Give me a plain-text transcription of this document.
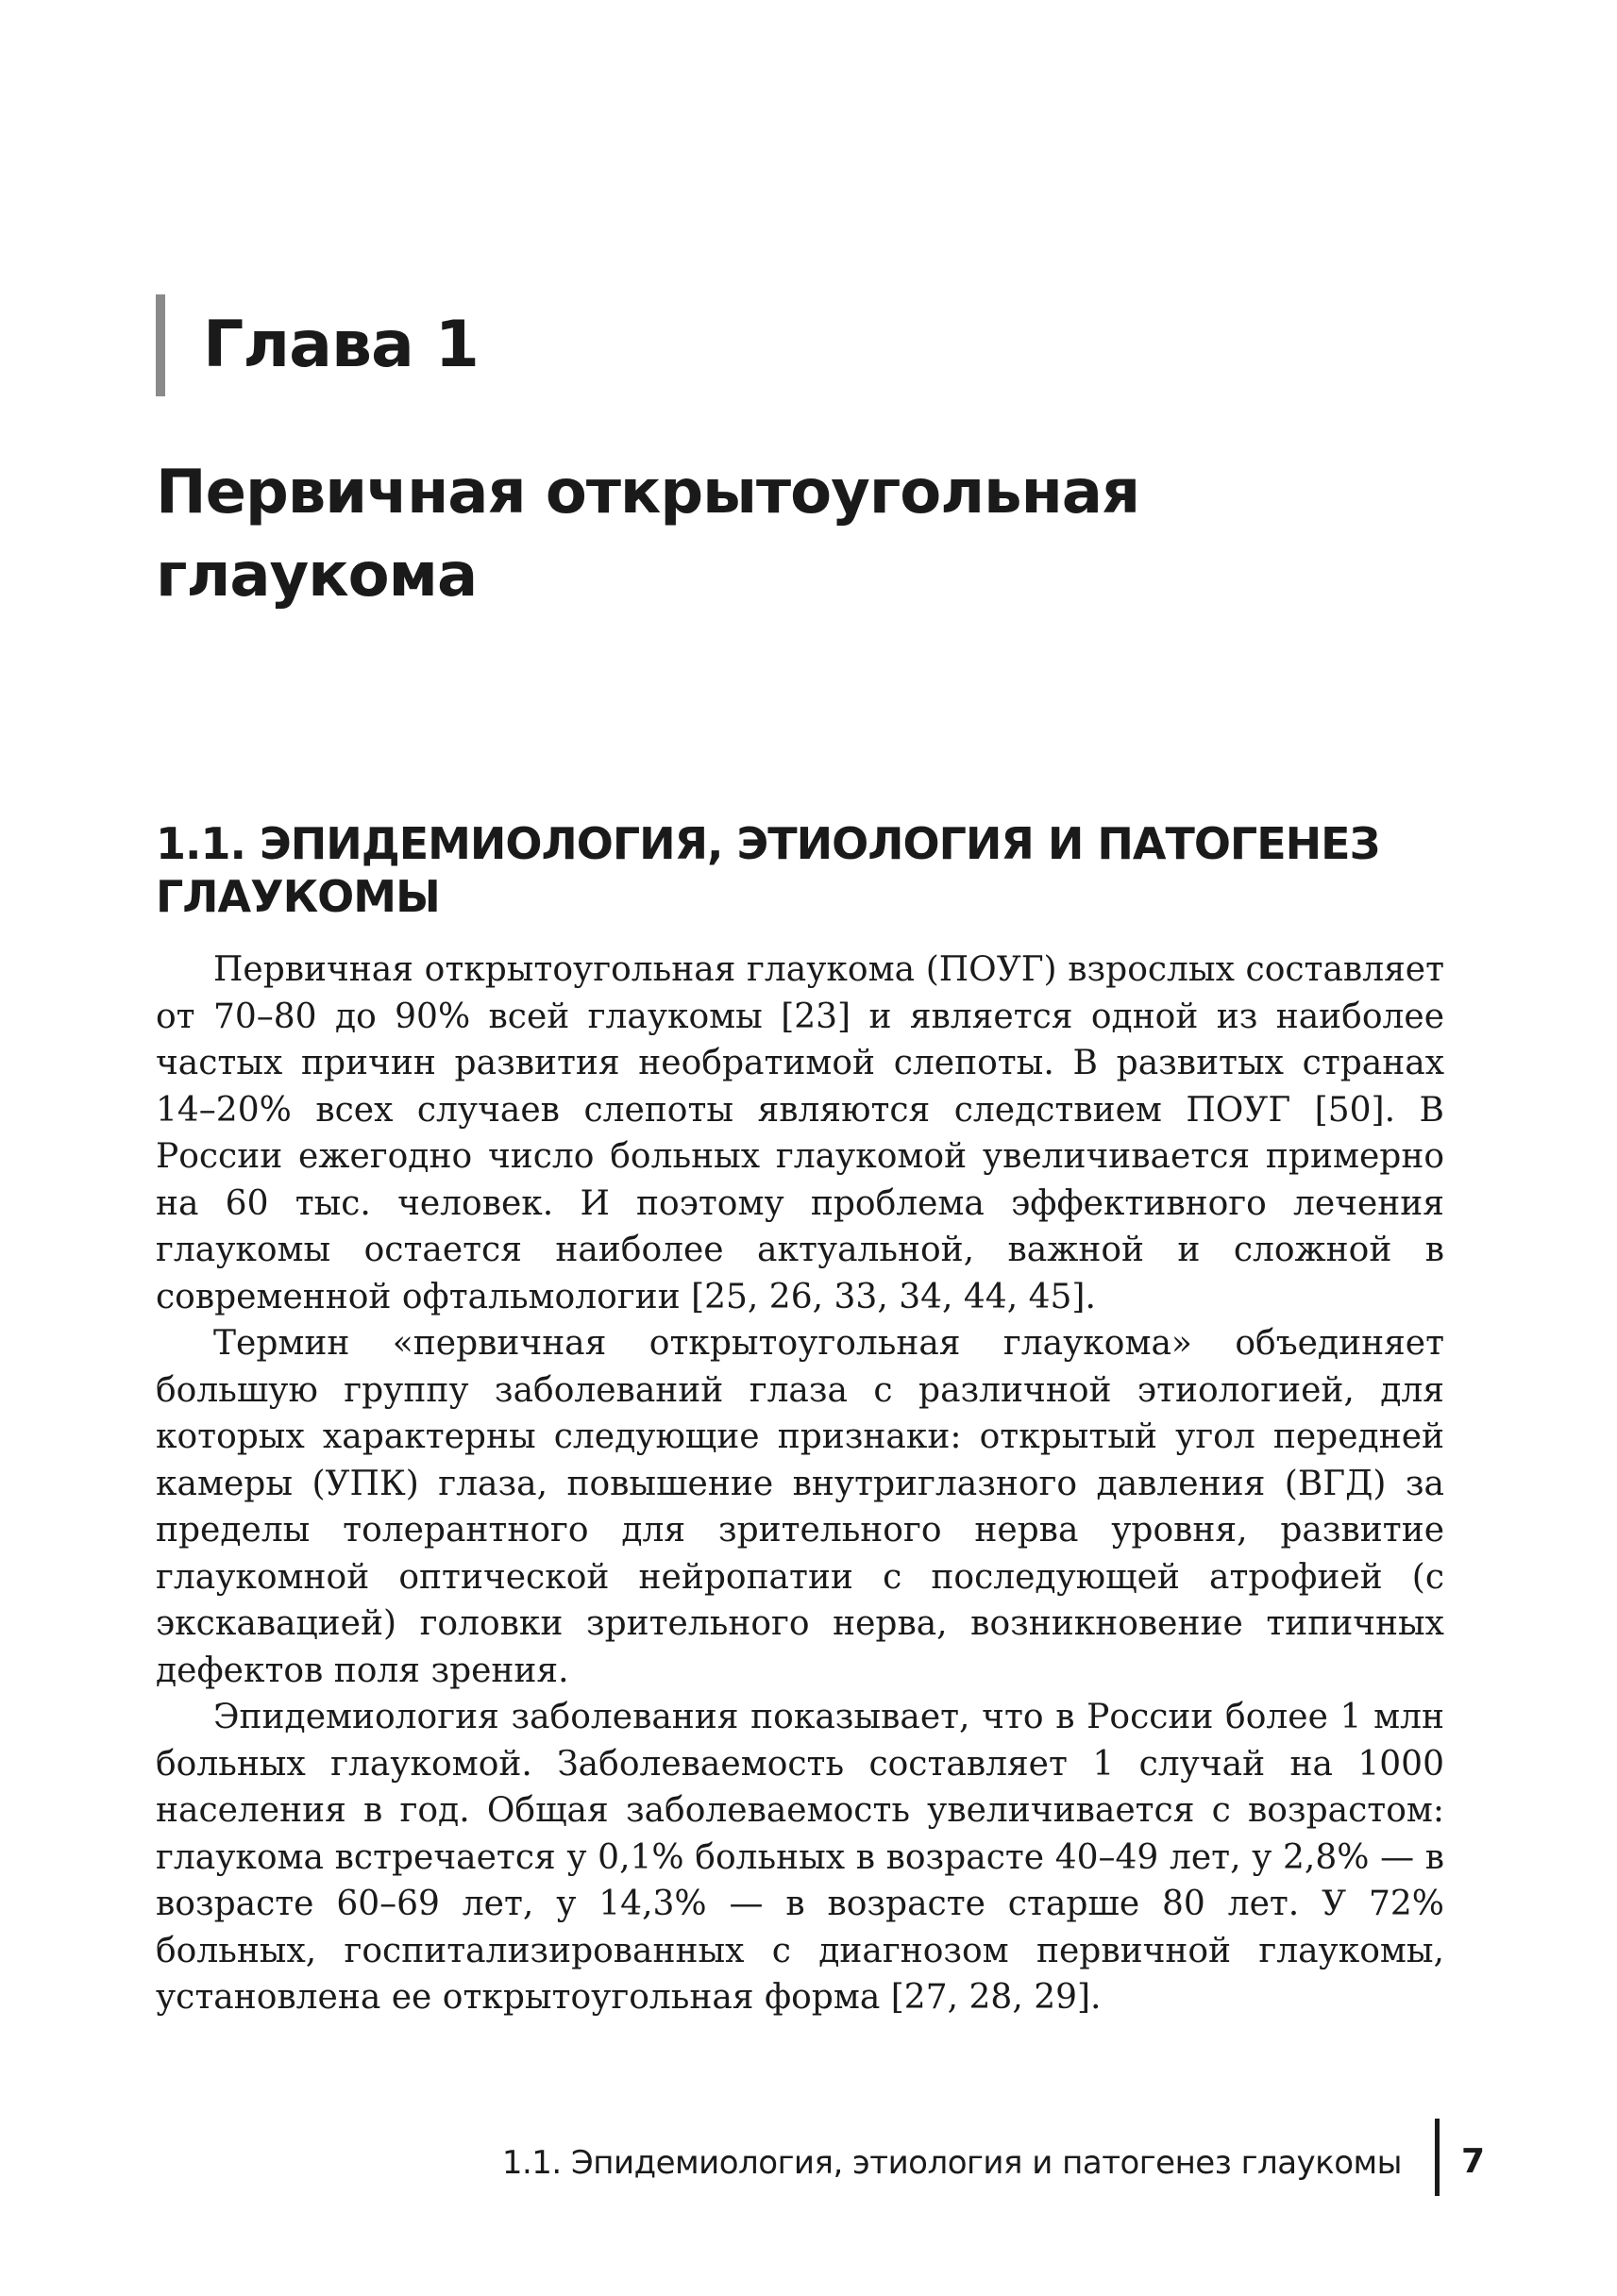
Глава 1
Первичная открытоугольная глаукома
1.1. ЭПИДЕМИОЛОГИЯ, ЭТИОЛОГИЯ И ПАТОГЕНЕЗ ГЛАУКОМЫ

Первичная открытоугольная глаукома (ПОУГ) взрослых составляет от 70–80 до 90% всей глаукомы [23] и является одной из наиболее частых причин развития необратимой слепоты. В развитых странах 14–20% всех случаев слепоты являются следствием ПОУГ [50]. В России ежегодно число больных глаукомой увеличивается примерно на 60 тыс. человек. И поэтому проблема эффективного лечения глаукомы остается наиболее актуальной, важной и сложной в современной офтальмологии [25, 26, 33, 34, 44, 45].

Термин «первичная открытоугольная глаукома» объединяет большую группу заболеваний глаза с различной этиологией, для которых характерны следующие признаки: открытый угол передней камеры (УПК) глаза, повышение внутриглазного давления (ВГД) за пределы толерантного для зрительного нерва уровня, развитие глаукомной оптической нейропатии с последующей атрофией (с экскавацией) головки зрительного нерва, возникновение типичных дефектов поля зрения.

Эпидемиология заболевания показывает, что в России более 1 млн больных глаукомой. Заболеваемость составляет 1 случай на 1000 населения в год. Общая заболеваемость увеличивается с возрастом: глаукома встречается у 0,1% больных в возрасте 40–49 лет, у 2,8% — в возрасте 60–69 лет, у 14,3% — в возрасте старше 80 лет. У 72% больных, госпитализированных с диагнозом первичной глаукомы, установлена ее открытоугольная форма [27, 28, 29].

1.1. Эпидемиология, этиология и патогенез глаукомы 7
